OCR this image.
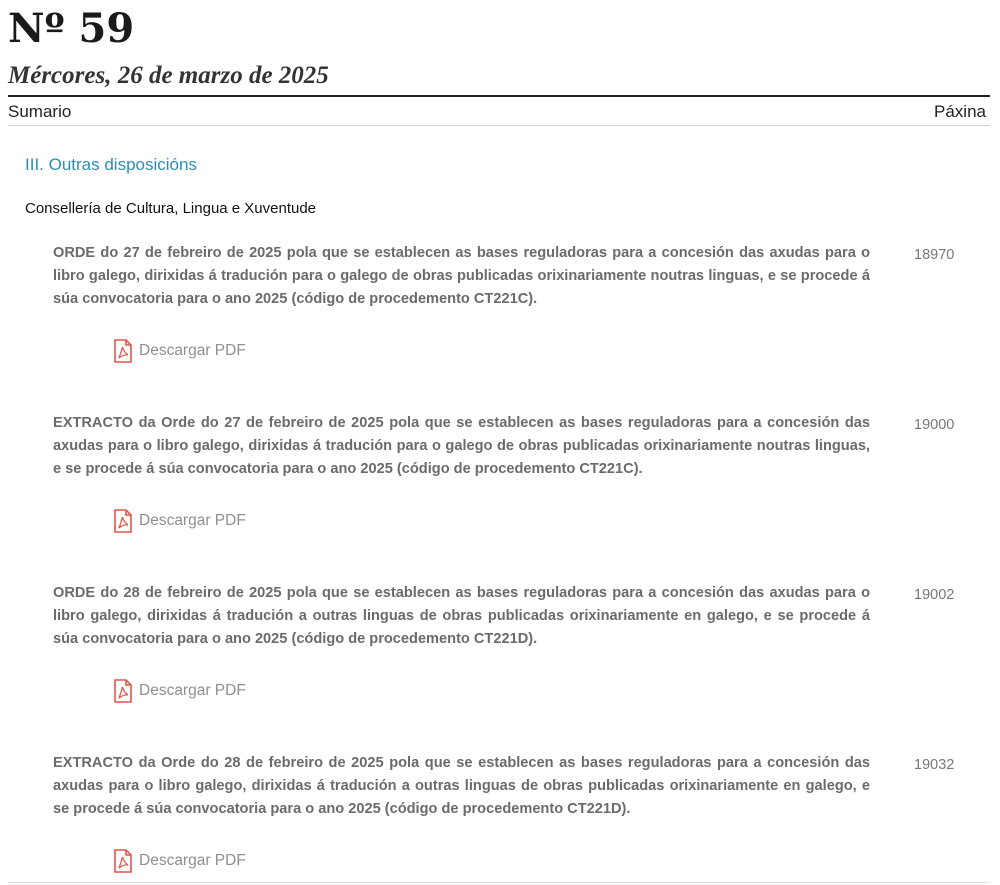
Nº 59
Mércores, 26 de marzo de 2025
Sumario	Páxina
III. Outras disposicións
Consellería de Cultura, Lingua e Xuventude

ORDE do 27 de febreiro de 2025 pola que se establecen as bases reguladoras para a concesión das axudas para o libro galego, dirixidas á tradución para o galego de obras publicadas orixinariamente noutras linguas, e se procede á súa convocatoria para o ano 2025 (código de procedemento CT221C).

18970
Descargar PDF

EXTRACTO da Orde do 27 de febreiro de 2025 pola que se establecen as bases reguladoras para a concesión das axudas para o libro galego, dirixidas á tradución para o galego de obras publicadas orixinariamente noutras linguas, e se procede á súa convocatoria para o ano 2025 (código de procedemento CT221C).

19000
Descargar PDF

ORDE do 28 de febreiro de 2025 pola que se establecen as bases reguladoras para a concesión das axudas para o libro galego, dirixidas á tradución a outras linguas de obras publicadas orixinariamente en galego, e se procede á súa convocatoria para o ano 2025 (código de procedemento CT221D).

19002
Descargar PDF

EXTRACTO da Orde do 28 de febreiro de 2025 pola que se establecen as bases reguladoras para a concesión das axudas para o libro galego, dirixidas á tradución a outras linguas de obras publicadas orixinariamente en galego, e se procede á súa convocatoria para o ano 2025 (código de procedemento CT221D).

19032
Descargar PDF
